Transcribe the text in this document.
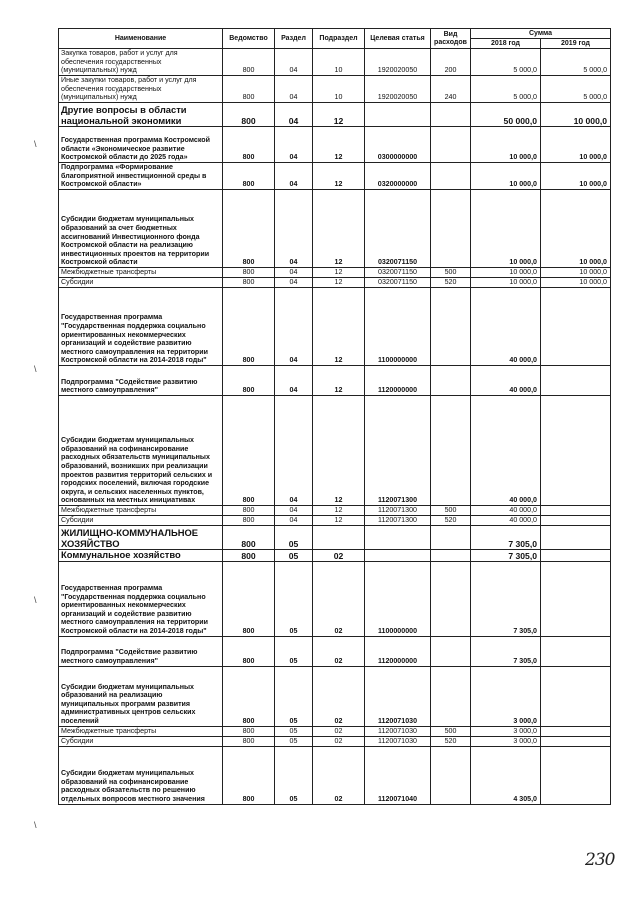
Наименование	Ведомство	Раздел	Подраздел	Целевая статья	Вид расходов	Сумма	
						2018 год	2019 год
Закупка товаров, работ и услуг для обеспечения государственных (муниципальных) нужд	800	04	10	1920020050	200	5 000,0	5 000,0
Иные закупки товаров, работ и услуг для обеспечения государственных (муниципальных) нужд	800	04	10	1920020050	240	5 000,0	5 000,0
Другие вопросы в области национальной экономики	800	04	12			50 000,0	10 000,0
Государственная программа Костромской области «Экономическое развитие Костромской области до 2025 года»	800	04	12	0300000000		10 000,0	10 000,0
Подпрограмма «Формирование благоприятной инвестиционной среды в Костромской области»	800	04	12	0320000000		10 000,0	10 000,0
Субсидии бюджетам муниципальных образований за счет бюджетных ассигнований Инвестиционного фонда Костромской области на реализацию инвестиционных проектов на территории Костромской области	800	04	12	0320071150		10 000,0	10 000,0
Межбюджетные трансферты	800	04	12	0320071150	500	10 000,0	10 000,0
Субсидии	800	04	12	0320071150	520	10 000,0	10 000,0
Государственная программа "Государственная поддержка социально ориентированных некоммерческих организаций и содействие развитию местного самоуправления на территории Костромской области на 2014-2018 годы"	800	04	12	1100000000		40 000,0	
Подпрограмма "Содействие развитию местного самоуправления"	800	04	12	1120000000		40 000,0	
Субсидии бюджетам муниципальных образований на софинансирование расходных обязательств муниципальных образований, возникших при реализации проектов развития территорий сельских и городских поселений, включая городские округа, и сельских населенных пунктов, основанных на местных инициативах	800	04	12	1120071300		40 000,0	
Межбюджетные трансферты	800	04	12	1120071300	500	40 000,0	
Субсидии	800	04	12	1120071300	520	40 000,0	
ЖИЛИЩНО-КОММУНАЛЬНОЕ ХОЗЯЙСТВО	800	05				7 305,0	
Коммунальное хозяйство	800	05	02			7 305,0	
Государственная программа "Государственная поддержка социально ориентированных некоммерческих организаций и содействие развитию местного самоуправления на территории Костромской области на 2014-2018 годы"	800	05	02	1100000000		7 305,0	
Подпрограмма "Содействие развитию местного самоуправления"	800	05	02	1120000000		7 305,0	
Субсидии бюджетам муниципальных образований на реализацию муниципальных программ развития административных центров сельских поселений	800	05	02	1120071030		3 000,0	
Межбюджетные трансферты	800	05	02	1120071030	500	3 000,0	
Субсидии	800	05	02	1120071030	520	3 000,0	
Субсидии бюджетам муниципальных образований на софинансирование расходных обязательств по решению отдельных вопросов местного значения	800	05	02	1120071040		4 305,0	
\
\
\
\
230
